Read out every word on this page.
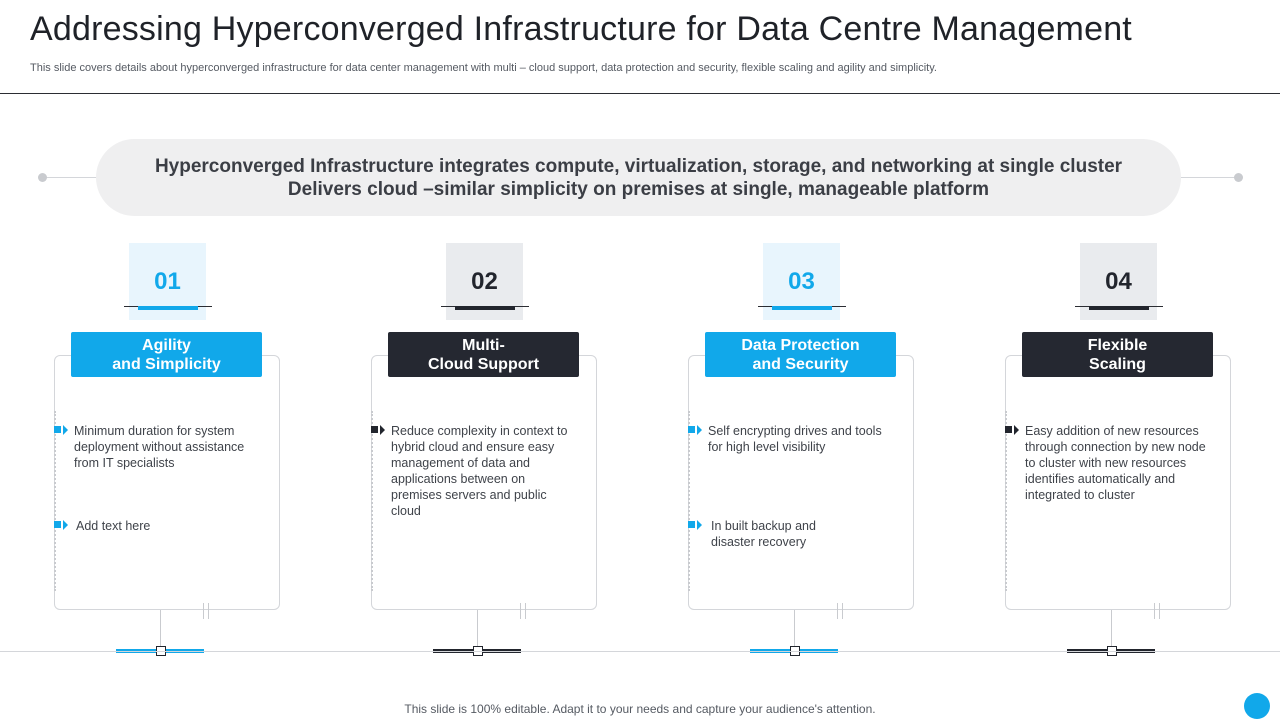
Addressing Hyperconverged Infrastructure for Data Centre Management
This slide covers details about hyperconverged infrastructure for data center management with multi – cloud support, data protection and security, flexible scaling and agility and simplicity.
Hyperconverged Infrastructure integrates compute, virtualization, storage, and networking at single cluster
Delivers cloud –similar simplicity on premises at single, manageable platform
01
Agility
and Simplicity
Minimum duration for system deployment without assistance from IT specialists
Add text here
02
Multi-
Cloud Support
Reduce complexity in context to hybrid cloud and ensure easy management of data and applications between on premises servers and public cloud
03
Data Protection
and Security
Self encrypting drives and tools for high level visibility
In built backup and disaster recovery
04
Flexible
Scaling
Easy addition of new resources through connection by new node to cluster with new resources identifies automatically and integrated to cluster
This slide is 100% editable. Adapt it to your needs and capture your audience's attention.
